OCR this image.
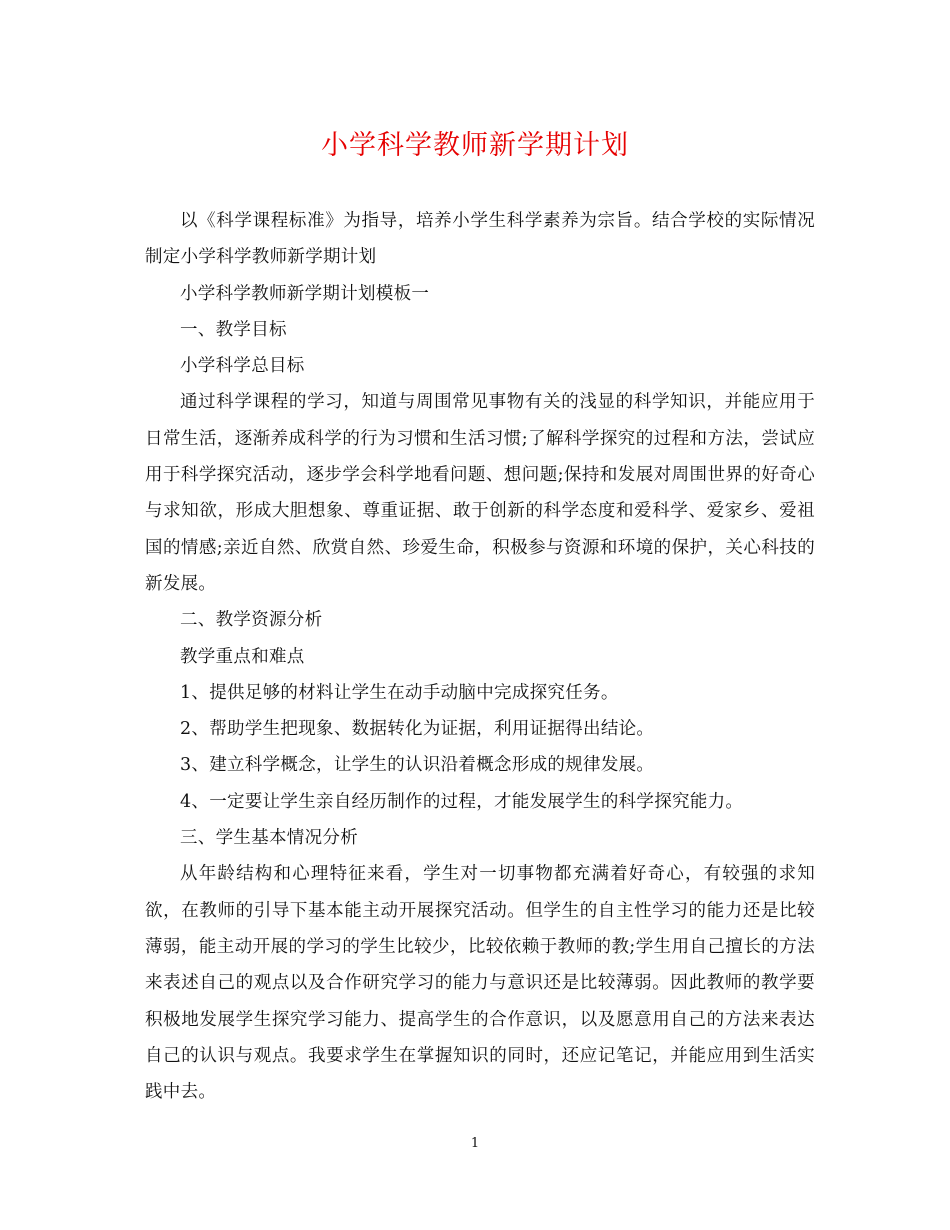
小学科学教师新学期计划

以《科学课程标准》为指导，培养小学生科学素养为宗旨。结合学校的实际情况制定小学科学教师新学期计划

小学科学教师新学期计划模板一

一、教学目标

小学科学总目标

通过科学课程的学习，知道与周围常见事物有关的浅显的科学知识，并能应用于日常生活，逐渐养成科学的行为习惯和生活习惯;了解科学探究的过程和方法，尝试应用于科学探究活动，逐步学会科学地看问题、想问题;保持和发展对周围世界的好奇心与求知欲，形成大胆想象、尊重证据、敢于创新的科学态度和爱科学、爱家乡、爱祖国的情感;亲近自然、欣赏自然、珍爱生命，积极参与资源和环境的保护，关心科技的新发展。

二、教学资源分析

教学重点和难点

1、提供足够的材料让学生在动手动脑中完成探究任务。

2、帮助学生把现象、数据转化为证据，利用证据得出结论。

3、建立科学概念，让学生的认识沿着概念形成的规律发展。

4、一定要让学生亲自经历制作的过程，才能发展学生的科学探究能力。

三、学生基本情况分析

从年龄结构和心理特征来看，学生对一切事物都充满着好奇心，有较强的求知欲，在教师的引导下基本能主动开展探究活动。但学生的自主性学习的能力还是比较薄弱，能主动开展的学习的学生比较少，比较依赖于教师的教;学生用自己擅长的方法来表述自己的观点以及合作研究学习的能力与意识还是比较薄弱。因此教师的教学要积极地发展学生探究学习能力、提高学生的合作意识，以及愿意用自己的方法来表达自己的认识与观点。我要求学生在掌握知识的同时，还应记笔记，并能应用到生活实践中去。

1
